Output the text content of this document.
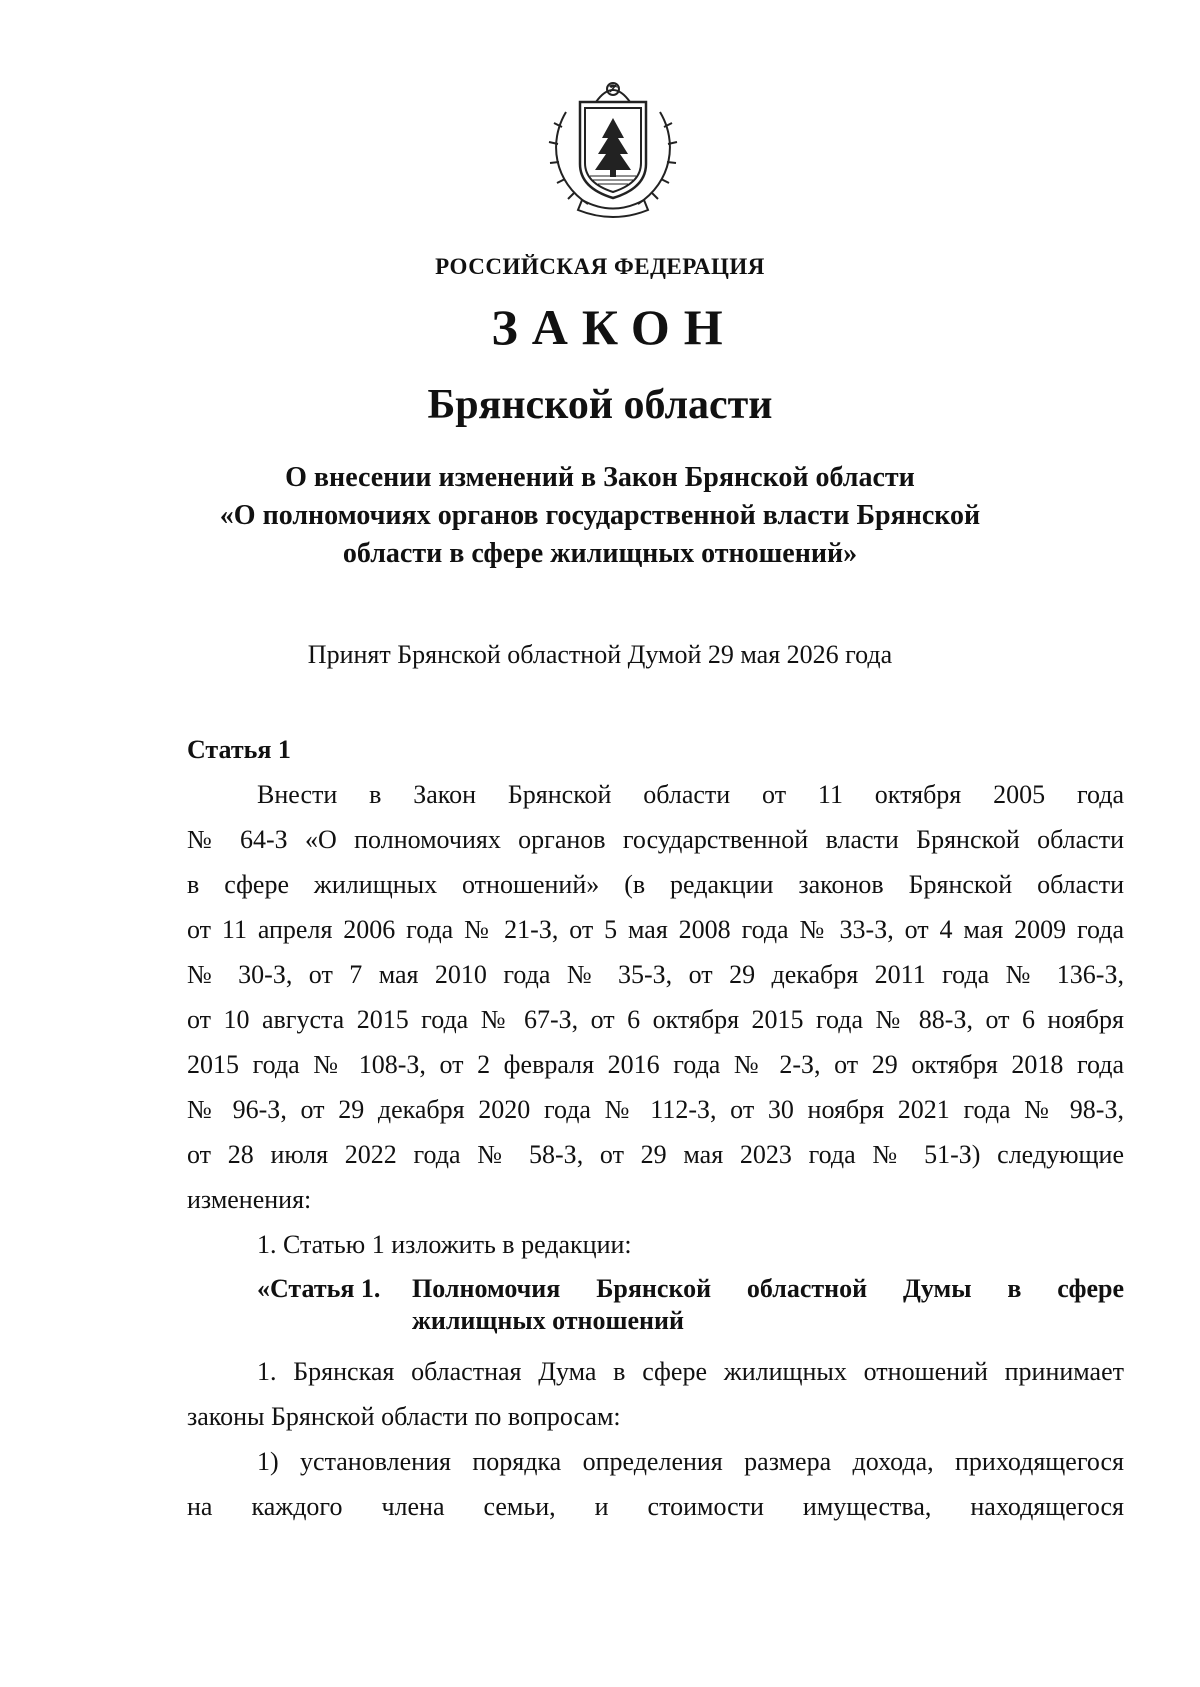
РОССИЙСКАЯ ФЕДЕРАЦИЯ
ЗАКОН
Брянской области
О внесении изменений в Закон Брянской области
«О полномочиях органов государственной власти Брянской
области в сфере жилищных отношений»
Принят Брянской областной Думой 29 мая 2026 года

Статья 1

Внести в Закон Брянской области от 11 октября 2005 года
№ 64-З «О полномочиях органов государственной власти Брянской области
в сфере жилищных отношений» (в редакции законов Брянской области
от 11 апреля 2006 года № 21-З, от 5 мая 2008 года № 33-З, от 4 мая 2009 года
№ 30-З, от 7 мая 2010 года № 35-З, от 29 декабря 2011 года № 136-З,
от 10 августа 2015 года № 67-З, от 6 октября 2015 года № 88-З, от 6 ноября
2015 года № 108-З, от 2 февраля 2016 года № 2-З, от 29 октября 2018 года
№ 96-З, от 29 декабря 2020 года № 112-З, от 30 ноября 2021 года № 98-З,
от 28 июля 2022 года № 58-З, от 29 мая 2023 года № 51-З) следующие
изменения:

1. Статью 1 изложить в редакции:

«Статья 1.	Полномочия Брянской областной Думы в сфере
жилищных отношений
1. Брянская областная Дума в сфере жилищных отношений принимает
законы Брянской области по вопросам:
1) установления порядка определения размера дохода, приходящегося
на каждого члена семьи, и стоимости имущества, находящегося
